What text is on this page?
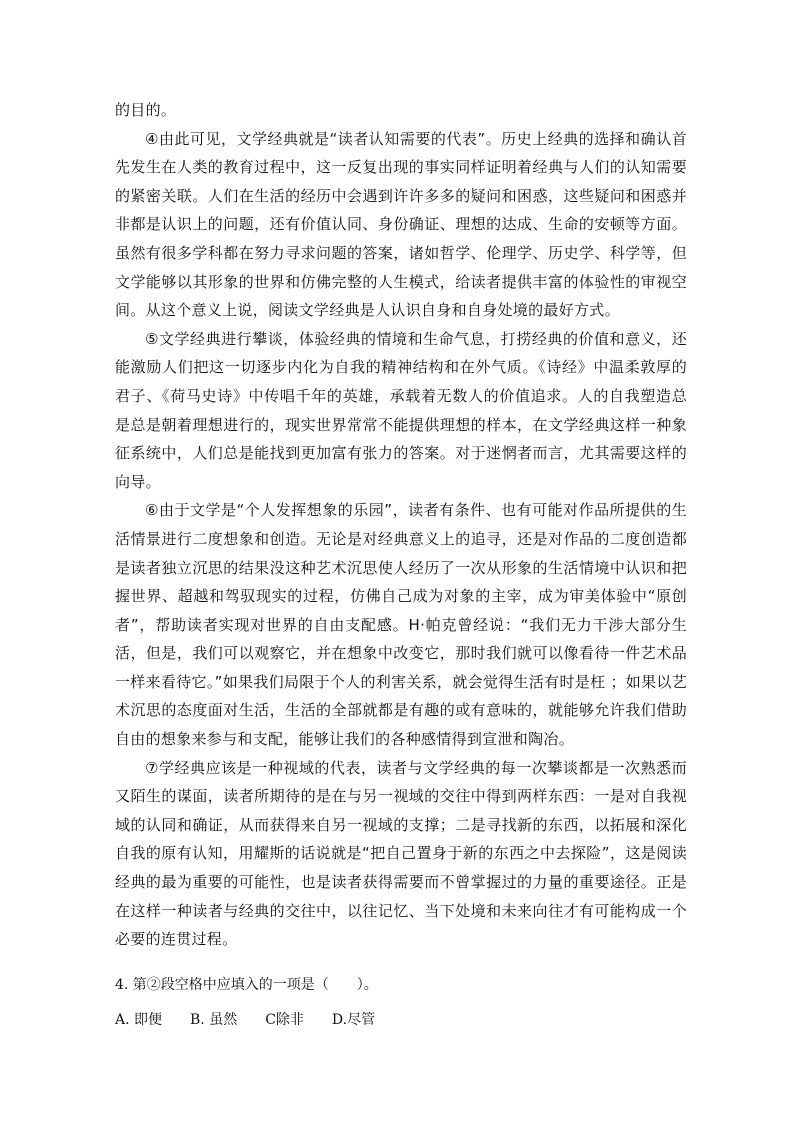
的目的。

④由此可见，文学经典就是“读者认知需要的代表”。历史上经典的选择和确认首先发生在人类的教育过程中，这一反复出现的事实同样证明着经典与人们的认知需要的紧密关联。人们在生活的经历中会遇到许许多多的疑问和困惑，这些疑问和困惑并非都是认识上的问题，还有价值认同、身份确证、理想的达成、生命的安顿等方面。虽然有很多学科都在努力寻求问题的答案，诸如哲学、伦理学、历史学、科学等，但文学能够以其形象的世界和仿佛完整的人生模式，给读者提供丰富的体验性的审视空间。从这个意义上说，阅读文学经典是人认识自身和自身处境的最好方式。

⑤文学经典进行攀谈，体验经典的情境和生命气息，打捞经典的价值和意义，还能激励人们把这一切逐步内化为自我的精神结构和在外气质。《诗经》中温柔敦厚的君子、《荷马史诗》中传唱千年的英雄，承载着无数人的价值追求。人的自我塑造总是总是朝着理想进行的，现实世界常常不能提供理想的样本，在文学经典这样一种象征系统中，人们总是能找到更加富有张力的答案。对于迷惘者而言，尤其需要这样的向导。

⑥由于文学是“个人发挥想象的乐园”，读者有条件、也有可能对作品所提供的生活情景进行二度想象和创造。无论是对经典意义上的追寻，还是对作品的二度创造都是读者独立沉思的结果没这种艺术沉思使人经历了一次从形象的生活情境中认识和把握世界、超越和驾驭现实的过程，仿佛自己成为对象的主宰，成为审美体验中“原创者”，帮助读者实现对世界的自由支配感。H·帕克曾经说：“我们无力干涉大部分生活，但是，我们可以观察它，并在想象中改变它，那时我们就可以像看待一件艺术品一样来看待它。”如果我们局限于个人的利害关系，就会觉得生活有时是枉 ；如果以艺术沉思的态度面对生活，生活的全部就都是有趣的或有意味的，就能够允许我们借助自由的想象来参与和支配，能够让我们的各种感情得到宣泄和陶冶。

⑦学经典应该是一种视域的代表，读者与文学经典的每一次攀谈都是一次熟悉而又陌生的谋面，读者所期待的是在与另一视域的交往中得到两样东西：一是对自我视域的认同和确证，从而获得来自另一视域的支撑；二是寻找新的东西，以拓展和深化自我的原有认知，用耀斯的话说就是“把自己置身于新的东西之中去探险”，这是阅读经典的最为重要的可能性，也是读者获得需要而不曾掌握过的力量的重要途径。正是在这样一种读者与经典的交往中，以往记忆、当下处境和未来向往才有可能构成一个必要的连贯过程。

4. 第②段空格中应填入的一项是（　　）。

A. 即便　　B. 虽然　　C除非　　D.尽管
